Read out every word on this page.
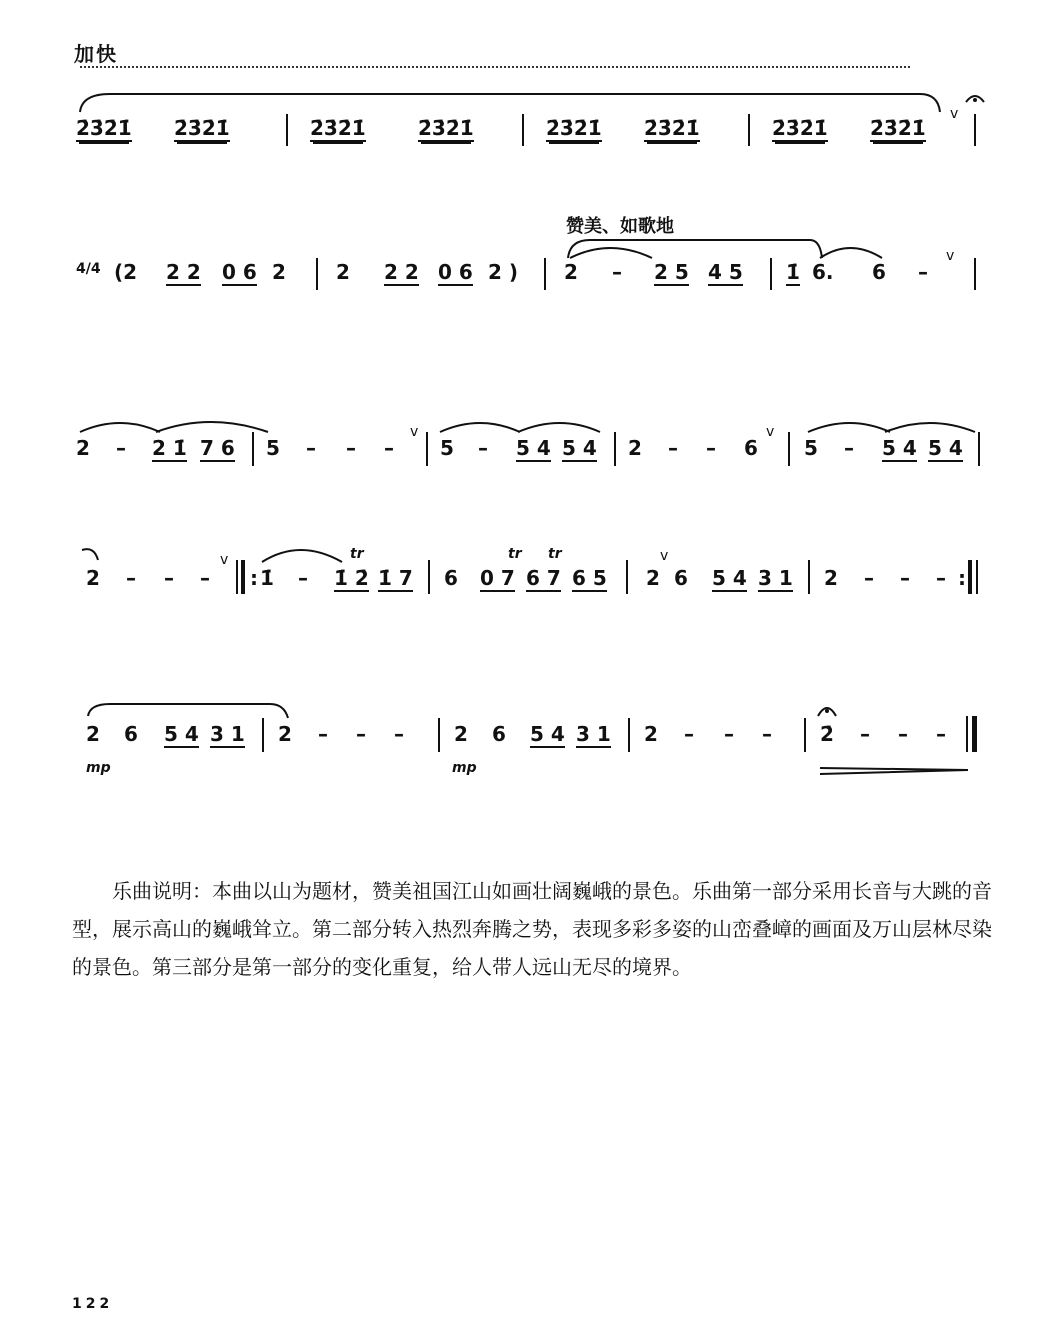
加快
2̇3̇2̇1̇ 2̇3̇2̇1̇	2̇3̇2̇1̇	2̇3̇2̇1̇	2̇3̇2̇1̇ 2̇3̇2̇1̇	2̇3̇2̇1̇ 2̇3̇2̇1̇
v
赞美、如歌地
4/4 (2 2 2 0 6 2	2 2 2 0 6 2 ) 2 – 2 5 4 5 1̇ 6. 6 –
v
2 – 2 1̇ 7 6 5 – – –
v
5 – 5 4 5 4 2 – – 6
v
5 – 5 4 5 4
2 – – –
v
: 1̇ –
tr
1̇ 2̇ 1̇ 7 6
tr tr
0 7 6 7 6 5
v
2 6 5 4 3 1 2 – – – :
2 6 5 4 3 1
mp
2 – – –	2 6 5 4 3 1
mp
2 – – – 2̇ – – –

乐曲说明：本曲以山为题材，赞美祖国江山如画壮阔巍峨的景色。乐曲第一部分采用长音与大跳的音型，展示高山的巍峨耸立。第二部分转入热烈奔腾之势，表现多彩多姿的山峦叠嶂的画面及万山层林尽染的景色。第三部分是第一部分的变化重复，给人带人远山无尽的境界。

122
